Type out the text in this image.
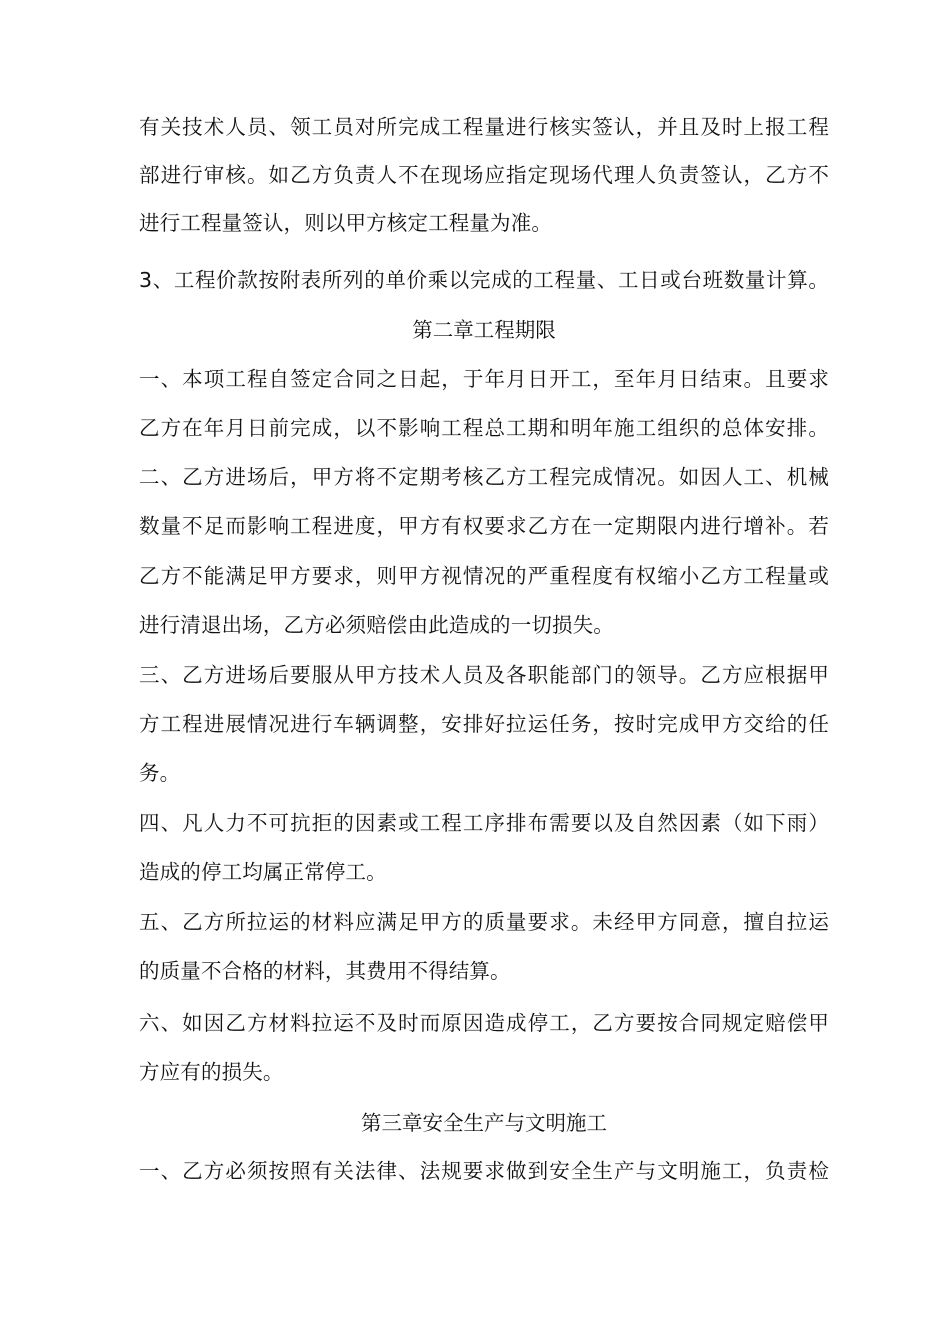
有关技术人员、领工员对所完成工程量进行核实签认，并且及时上报工程
部进行审核。如乙方负责人不在现场应指定现场代理人负责签认，乙方不
进行工程量签认，则以甲方核定工程量为准。
3、工程价款按附表所列的单价乘以完成的工程量、工日或台班数量计算。
第二章工程期限
一、本项工程自签定合同之日起，于年月日开工，至年月日结束。且要求
乙方在年月日前完成，以不影响工程总工期和明年施工组织的总体安排。
二、乙方进场后，甲方将不定期考核乙方工程完成情况。如因人工、机械
数量不足而影响工程进度，甲方有权要求乙方在一定期限内进行增补。若
乙方不能满足甲方要求，则甲方视情况的严重程度有权缩小乙方工程量或
进行清退出场，乙方必须赔偿由此造成的一切损失。
三、乙方进场后要服从甲方技术人员及各职能部门的领导。乙方应根据甲
方工程进展情况进行车辆调整，安排好拉运任务，按时完成甲方交给的任
务。
四、凡人力不可抗拒的因素或工程工序排布需要以及自然因素（如下雨）
造成的停工均属正常停工。
五、乙方所拉运的材料应满足甲方的质量要求。未经甲方同意，擅自拉运
的质量不合格的材料，其费用不得结算。
六、如因乙方材料拉运不及时而原因造成停工，乙方要按合同规定赔偿甲
方应有的损失。
第三章安全生产与文明施工
一、乙方必须按照有关法律、法规要求做到安全生产与文明施工，负责检
